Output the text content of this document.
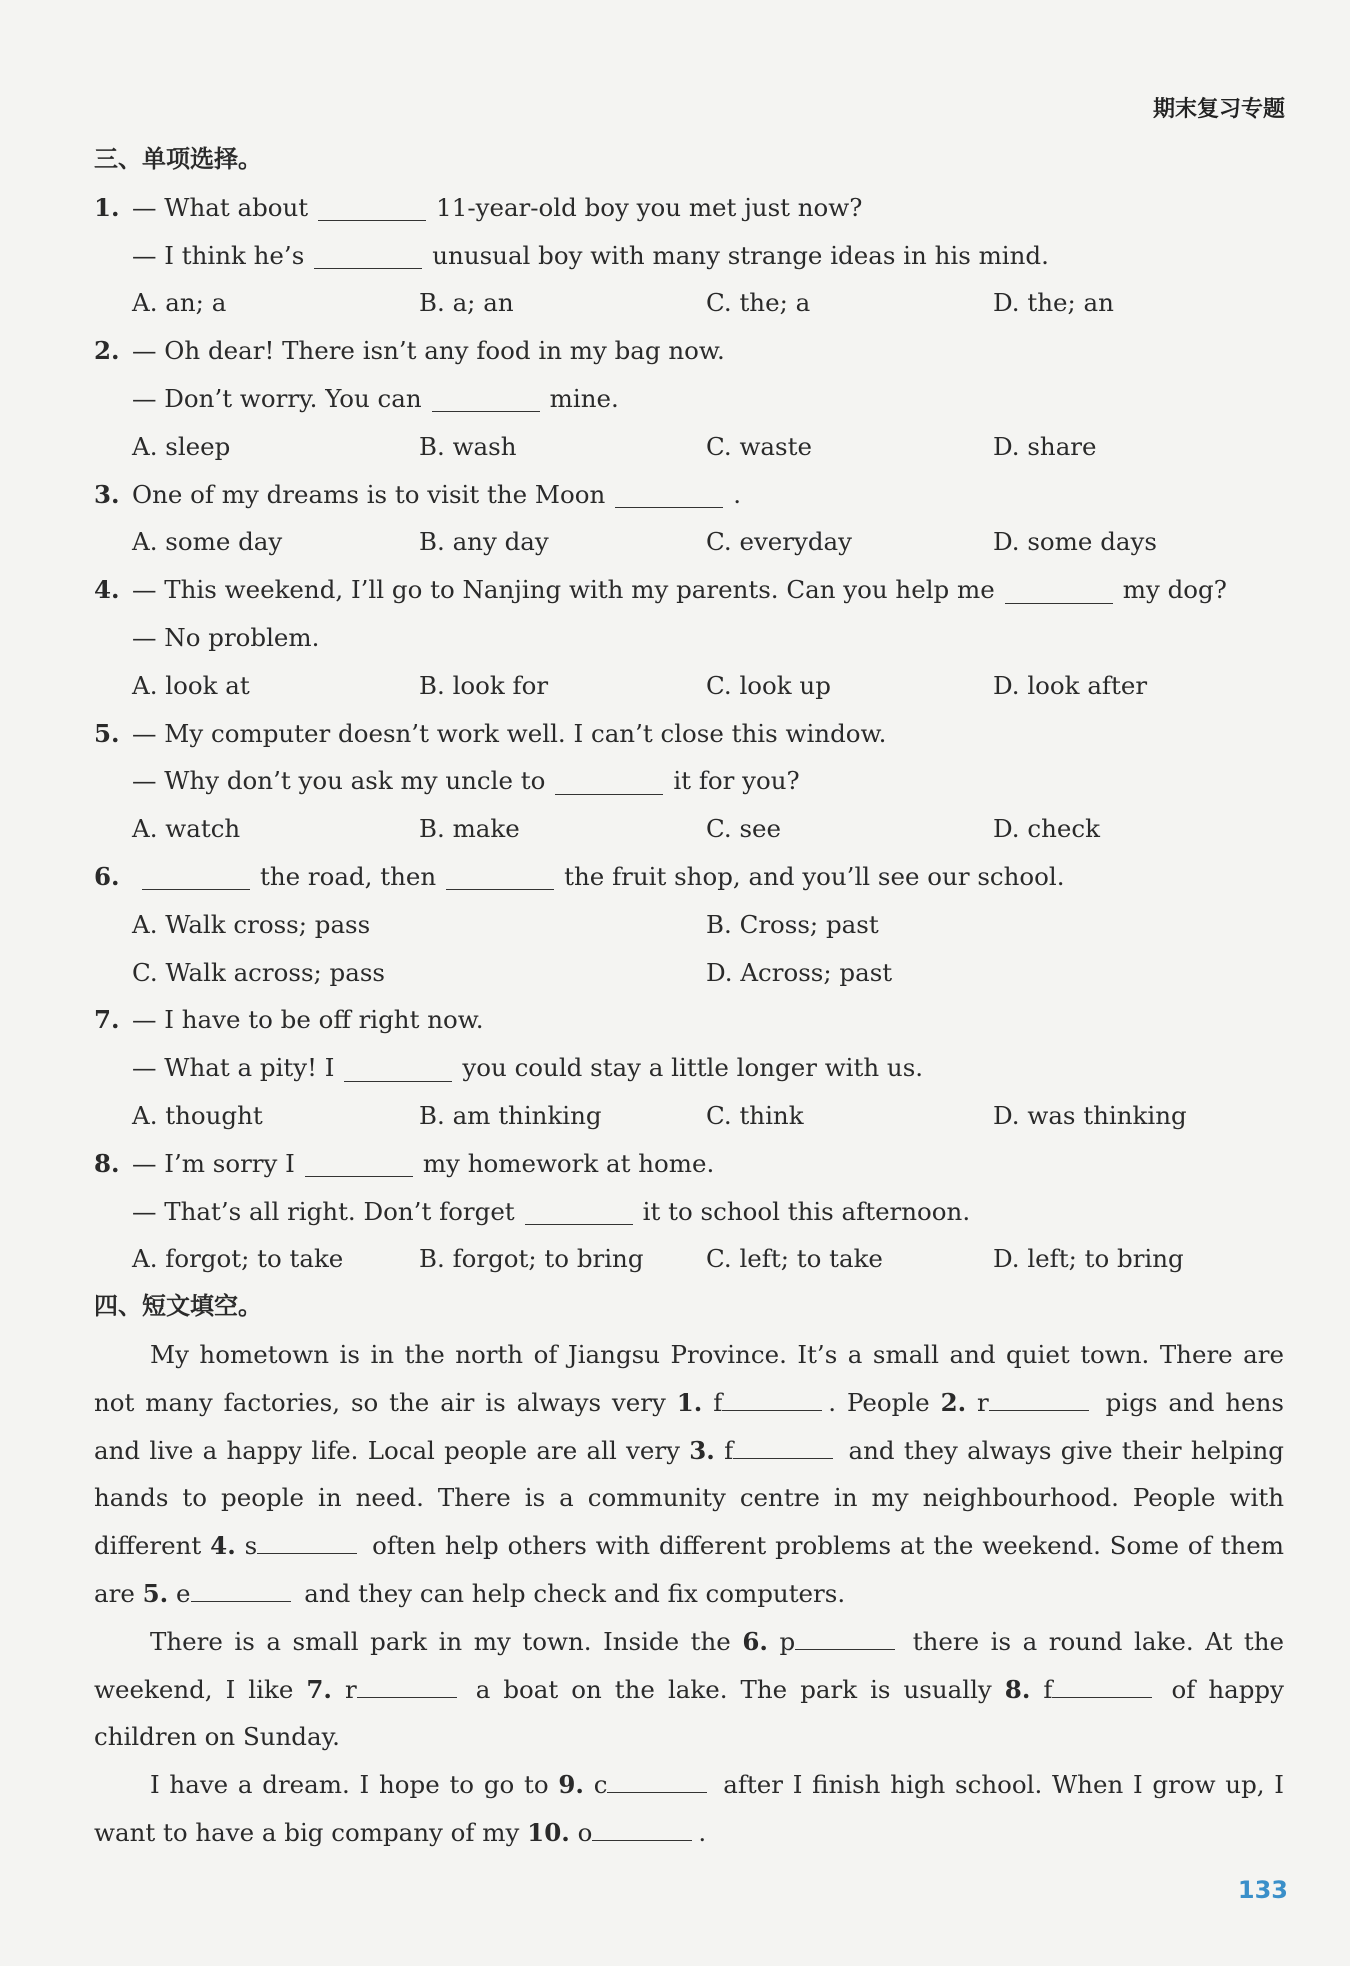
期末复习专题
三、单项选择。
1. — What about	11-year-old boy you met just now?
— I think he’s	unusual boy with many strange ideas in his mind.
A. an; a	B. a; an	C. the; a	D. the; an
2. — Oh dear! There isn’t any food in my bag now.
— Don’t worry. You can	mine.
A. sleep	B. wash	C. waste	D. share
3. One of my dreams is to visit the Moon	.
A. some day	B. any day	C. everyday	D. some days
4. — This weekend, I’ll go to Nanjing with my parents. Can you help me	my dog?
— No problem.
A. look at	B. look for	C. look up	D. look after
5. — My computer doesn’t work well. I can’t close this window.
— Why don’t you ask my uncle to	it for you?
A. watch	B. make	C. see	D. check
6.	the road, then	the fruit shop, and you’ll see our school.
A. Walk cross; pass	B. Cross; past
C. Walk across; pass	D. Across; past
7. — I have to be off right now.
— What a pity! I	you could stay a little longer with us.
A. thought	B. am thinking	C. think	D. was thinking
8. — I’m sorry I	my homework at home.
— That’s all right. Don’t forget	it to school this afternoon.
A. forgot; to take	B. forgot; to bring	C. left; to take	D. left; to bring
四、短文填空。

My hometown is in the north of Jiangsu Province. It’s a small and quiet town. There are not many factories, so the air is always very 1. f	. People 2. r	pigs and hens and live a happy life. Local people are all very 3. f	and they always give their helping hands to people in need. There is a community centre in my neighbourhood. People with different 4. s	often help others with different problems at the weekend. Some of them are 5. e	and they can help check and fix computers.

There is a small park in my town. Inside the 6. p	there is a round lake. At the weekend, I like 7. r	a boat on the lake. The park is usually 8. f	of happy children on Sunday.

I have a dream. I hope to go to 9. c	after I finish high school. When I grow up, I want to have a big company of my 10. o	.

133
